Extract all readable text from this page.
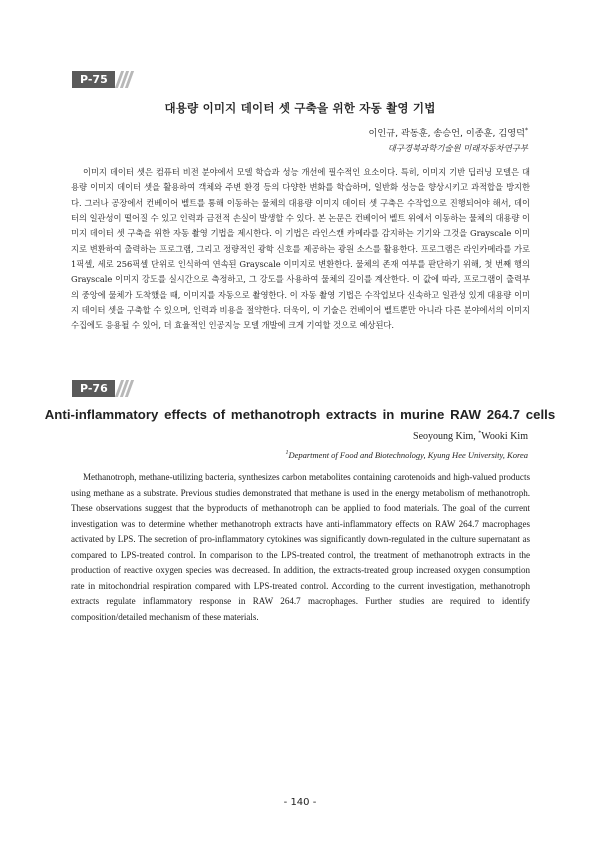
P-75
대용량 이미지 데이터 셋 구축을 위한 자동 촬영 기법
이인규, 곽동훈, 송승언, 이종훈, 김영덕*
대구경북과학기술원 미래자동차연구부
이미지 데이터 셋은 컴퓨터 비전 분야에서 모델 학습과 성능 개선에 필수적인 요소이다. 특히, 이미지 기반 딥러닝 모델은 대용량 이미지 데이터 셋을 활용하여 객체와 주변 환경 등의 다양한 변화를 학습하며, 일반화 성능을 향상시키고 과적합을 방지한다. 그러나 공장에서 컨베이어 벨트를 통해 이동하는 물체의 대용량 이미지 데이터 셋 구축은 수작업으로 진행되어야 해서, 데이터의 일관성이 떨어질 수 있고 인력과 금전적 손실이 발생할 수 있다. 본 논문은 컨베이어 벨트 위에서 이동하는 물체의 대용량 이미지 데이터 셋 구축을 위한 자동 촬영 기법을 제시한다. 이 기법은 라인스캔 카메라를 감지하는 기기와 그것을 Grayscale 이미지로 변환하여 출력하는 프로그램, 그리고 정량적인 광학 신호를 제공하는 광원 소스를 활용한다. 프로그램은 라인카메라를 가로 1픽셀, 세로 256픽셀 단위로 인식하여 연속된 Grayscale 이미지로 변환한다. 물체의 존재 여부를 판단하기 위해, 첫 번째 행의 Grayscale 이미지 강도를 실시간으로 측정하고, 그 강도를 사용하여 물체의 길이를 계산한다. 이 값에 따라, 프로그램이 출력부의 중앙에 물체가 도착했을 때, 이미지를 자동으로 촬영한다. 이 자동 촬영 기법은 수작업보다 신속하고 일관성 있게 대용량 이미지 데이터 셋을 구축할 수 있으며, 인력과 비용을 절약한다. 더욱이, 이 기술은 컨베이어 벨트뿐만 아니라 다른 분야에서의 이미지 수집에도 응용될 수 있어, 더 효율적인 인공지능 모델 개발에 크게 기여할 것으로 예상된다.
P-76
Anti-inflammatory effects of methanotroph extracts in murine RAW 264.7 cells
Seoyoung Kim, *Wooki Kim
$^1$Department of Food and Biotechnology, Kyung Hee University, Korea
Methanotroph, methane-utilizing bacteria, synthesizes carbon metabolites containing carotenoids and high-valued products using methane as a substrate. Previous studies demonstrated that methane is used in the energy metabolism of methanotroph. These observations suggest that the byproducts of methanotroph can be applied to food materials. The goal of the current investigation was to determine whether methanotroph extracts have anti-inflammatory effects on RAW 264.7 macrophages activated by LPS. The secretion of pro-inflammatory cytokines was significantly down-regulated in the culture supernatant as compared to LPS-treated control. In comparison to the LPS-treated control, the treatment of methanotroph extracts in the production of reactive oxygen species was decreased. In addition, the extracts-treated group increased oxygen consumption rate in mitochondrial respiration compared with LPS-treated control. According to the current investigation, methanotroph extracts regulate inflammatory response in RAW 264.7 macrophages. Further studies are required to identify composition/detailed mechanism of these materials.
- 140 -
